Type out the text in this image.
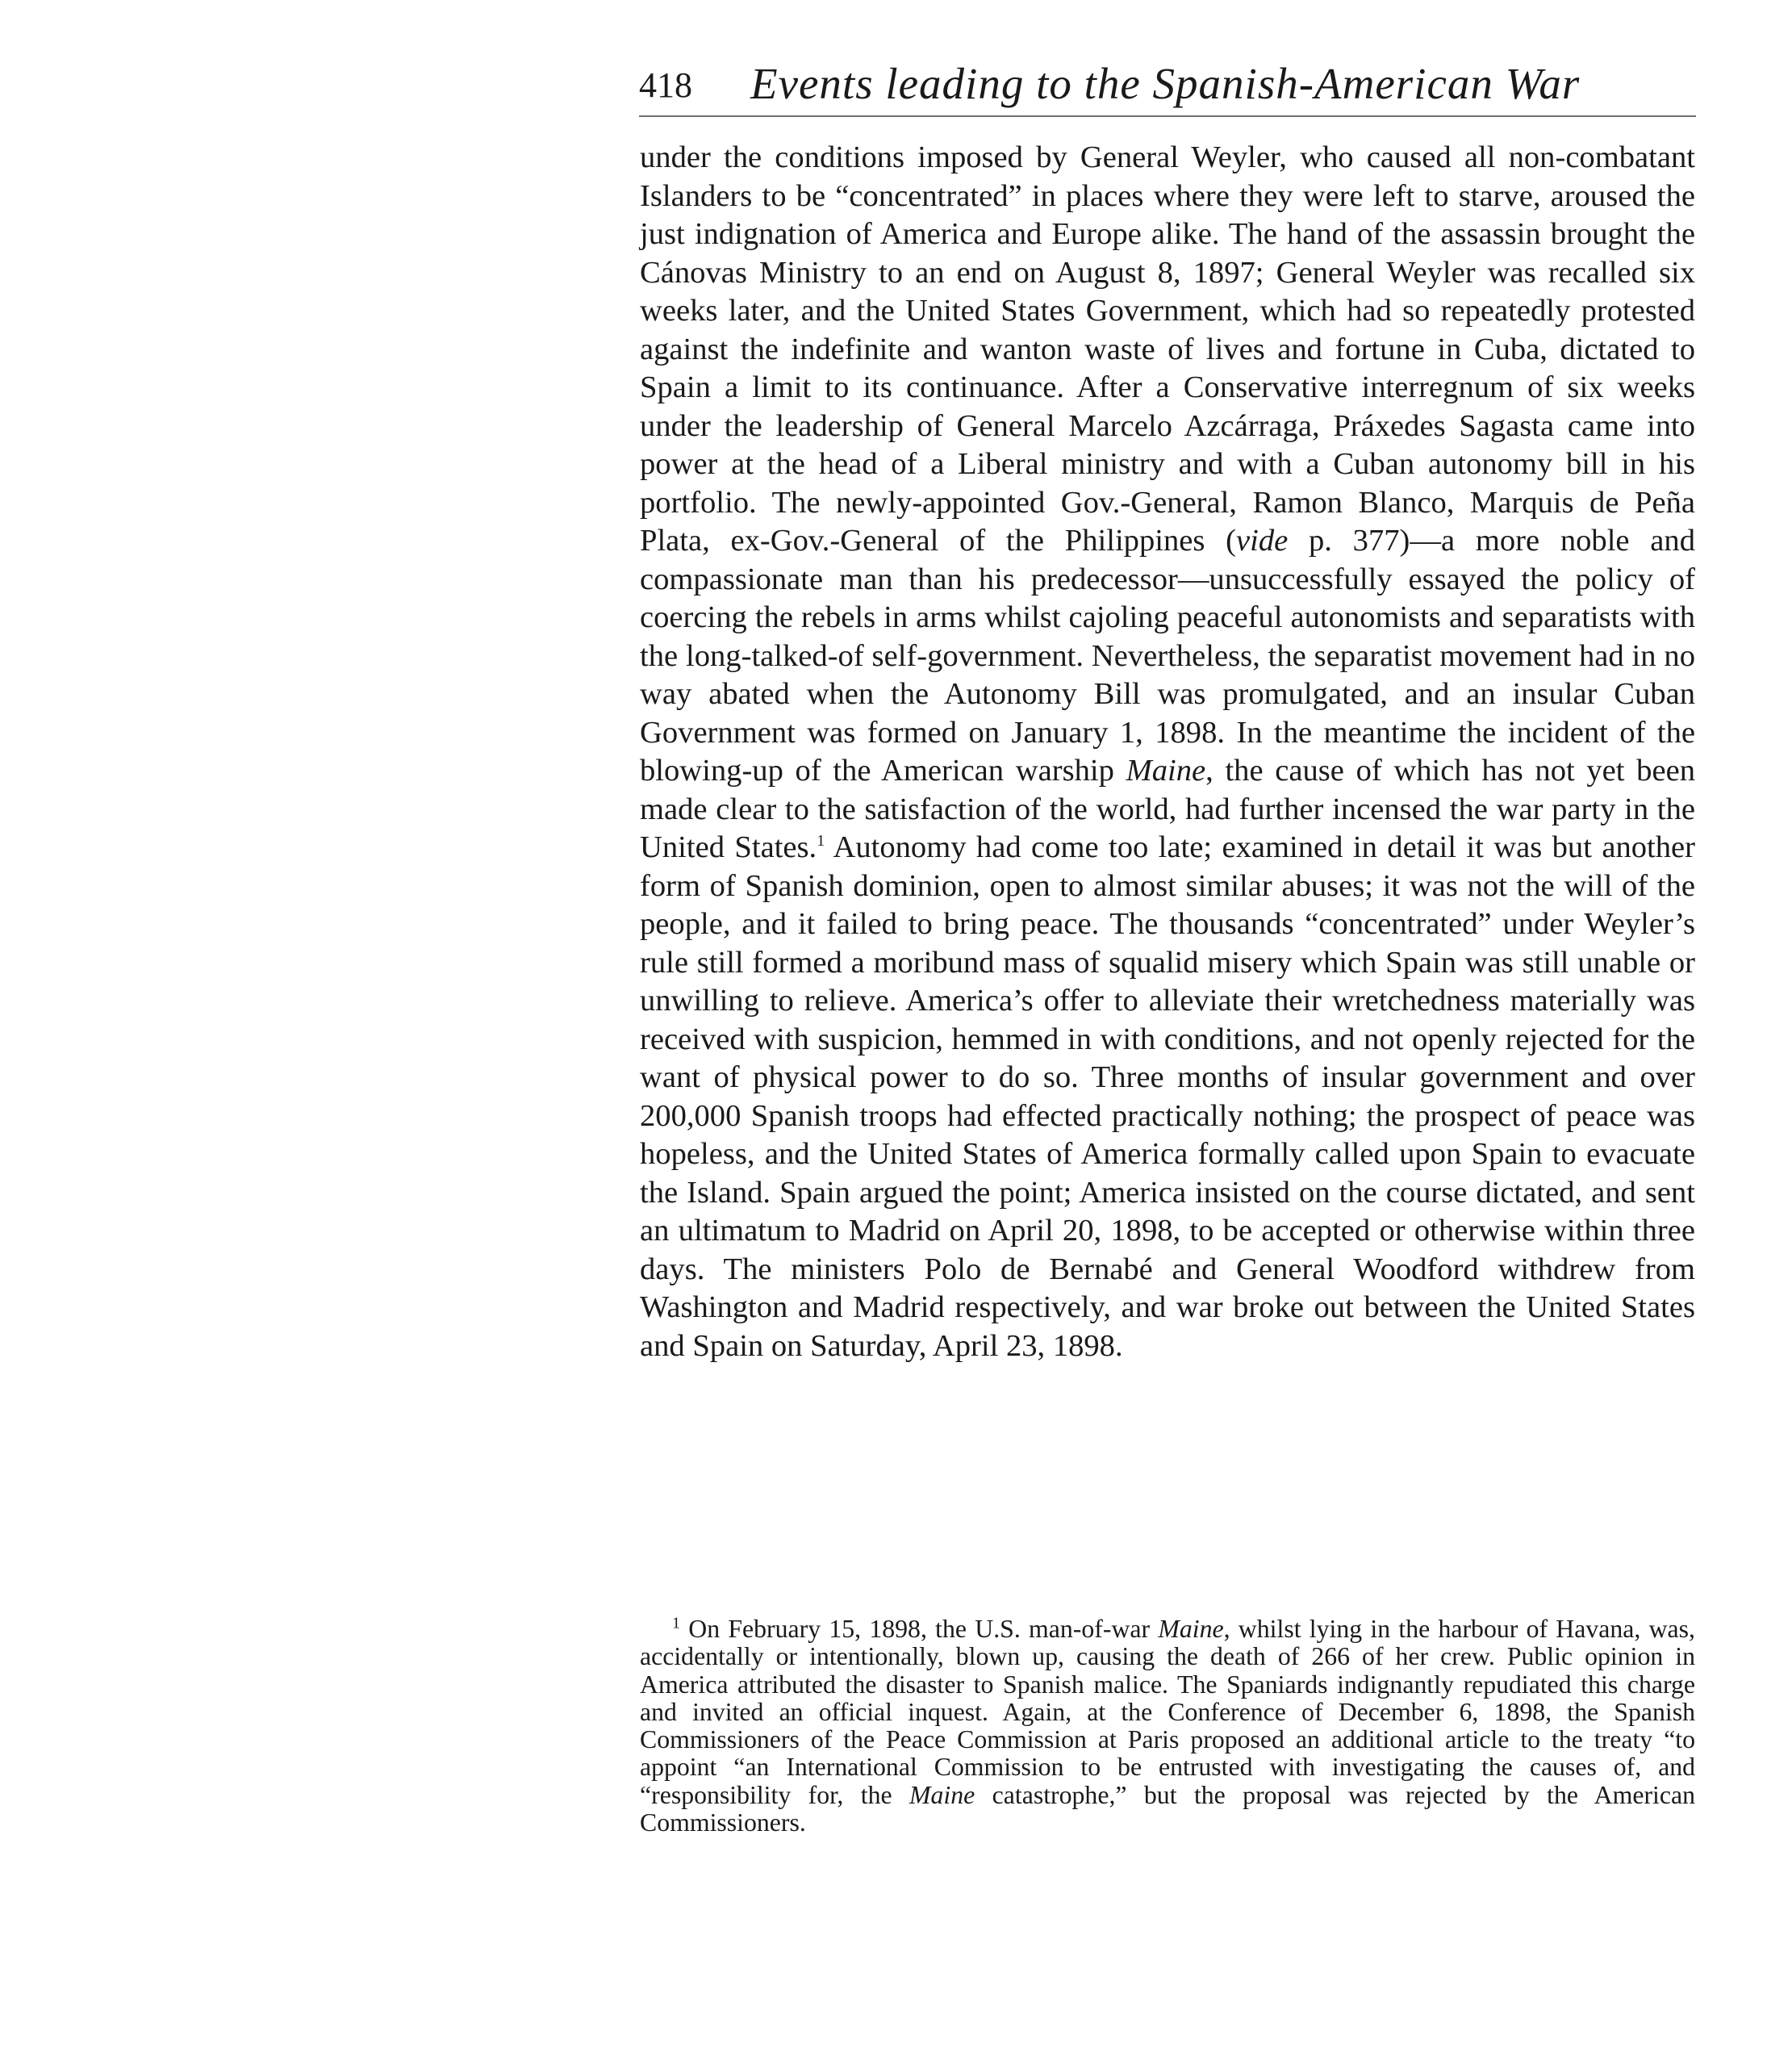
418 Events leading to the Spanish-American War

under the conditions imposed by General Weyler, who caused all non-combatant Islanders to be “concentrated” in places where they were left to starve, aroused the just indignation of America and Europe alike. The hand of the assassin brought the Cánovas Ministry to an end on August 8, 1897; General Weyler was recalled six weeks later, and the United States Government, which had so repeatedly protested against the indefinite and wanton waste of lives and fortune in Cuba, dictated to Spain a limit to its continuance. After a Conservative interregnum of six weeks under the leadership of General Marcelo Azcárraga, Práxedes Sagasta came into power at the head of a Liberal ministry and with a Cuban autonomy bill in his portfolio. The newly-appointed Gov.-General, Ramon Blanco, Marquis de Peña Plata, ex-Gov.-General of the Philippines (vide p. 377)—a more noble and compassionate man than his predecessor—unsuccessfully essayed the policy of coercing the rebels in arms whilst cajoling peaceful autonomists and separatists with the long-talked-of self-government. Nevertheless, the separatist movement had in no way abated when the Autonomy Bill was promulgated, and an insular Cuban Government was formed on January 1, 1898. In the meantime the incident of the blowing-up of the American warship Maine, the cause of which has not yet been made clear to the satisfaction of the world, had further incensed the war party in the United States.$^1$ Autonomy had come too late; examined in detail it was but another form of Spanish dominion, open to almost similar abuses; it was not the will of the people, and it failed to bring peace. The thousands “concentrated” under Weyler’s rule still formed a moribund mass of squalid misery which Spain was still unable or unwilling to relieve. America’s offer to alleviate their wretchedness materially was received with suspicion, hemmed in with conditions, and not openly rejected for the want of physical power to do so. Three months of insular government and over 200,000 Spanish troops had effected practically nothing; the prospect of peace was hopeless, and the United States of America formally called upon Spain to evacuate the Island. Spain argued the point; America insisted on the course dictated, and sent an ultimatum to Madrid on April 20, 1898, to be accepted or otherwise within three days. The ministers Polo de Bernabé and General Woodford withdrew from Washington and Madrid respectively, and war broke out between the United States and Spain on Saturday, April 23, 1898.

$^1$ On February 15, 1898, the U.S. man-of-war Maine, whilst lying in the harbour of Havana, was, accidentally or intentionally, blown up, causing the death of 266 of her crew. Public opinion in America attributed the disaster to Spanish malice. The Spaniards indignantly repudiated this charge and invited an official inquest. Again, at the Conference of December 6, 1898, the Spanish Commissioners of the Peace Commission at Paris proposed an additional article to the treaty “to appoint “an International Commission to be entrusted with investigating the causes of, and “responsibility for, the Maine catastrophe,” but the proposal was rejected by the American Commissioners.
